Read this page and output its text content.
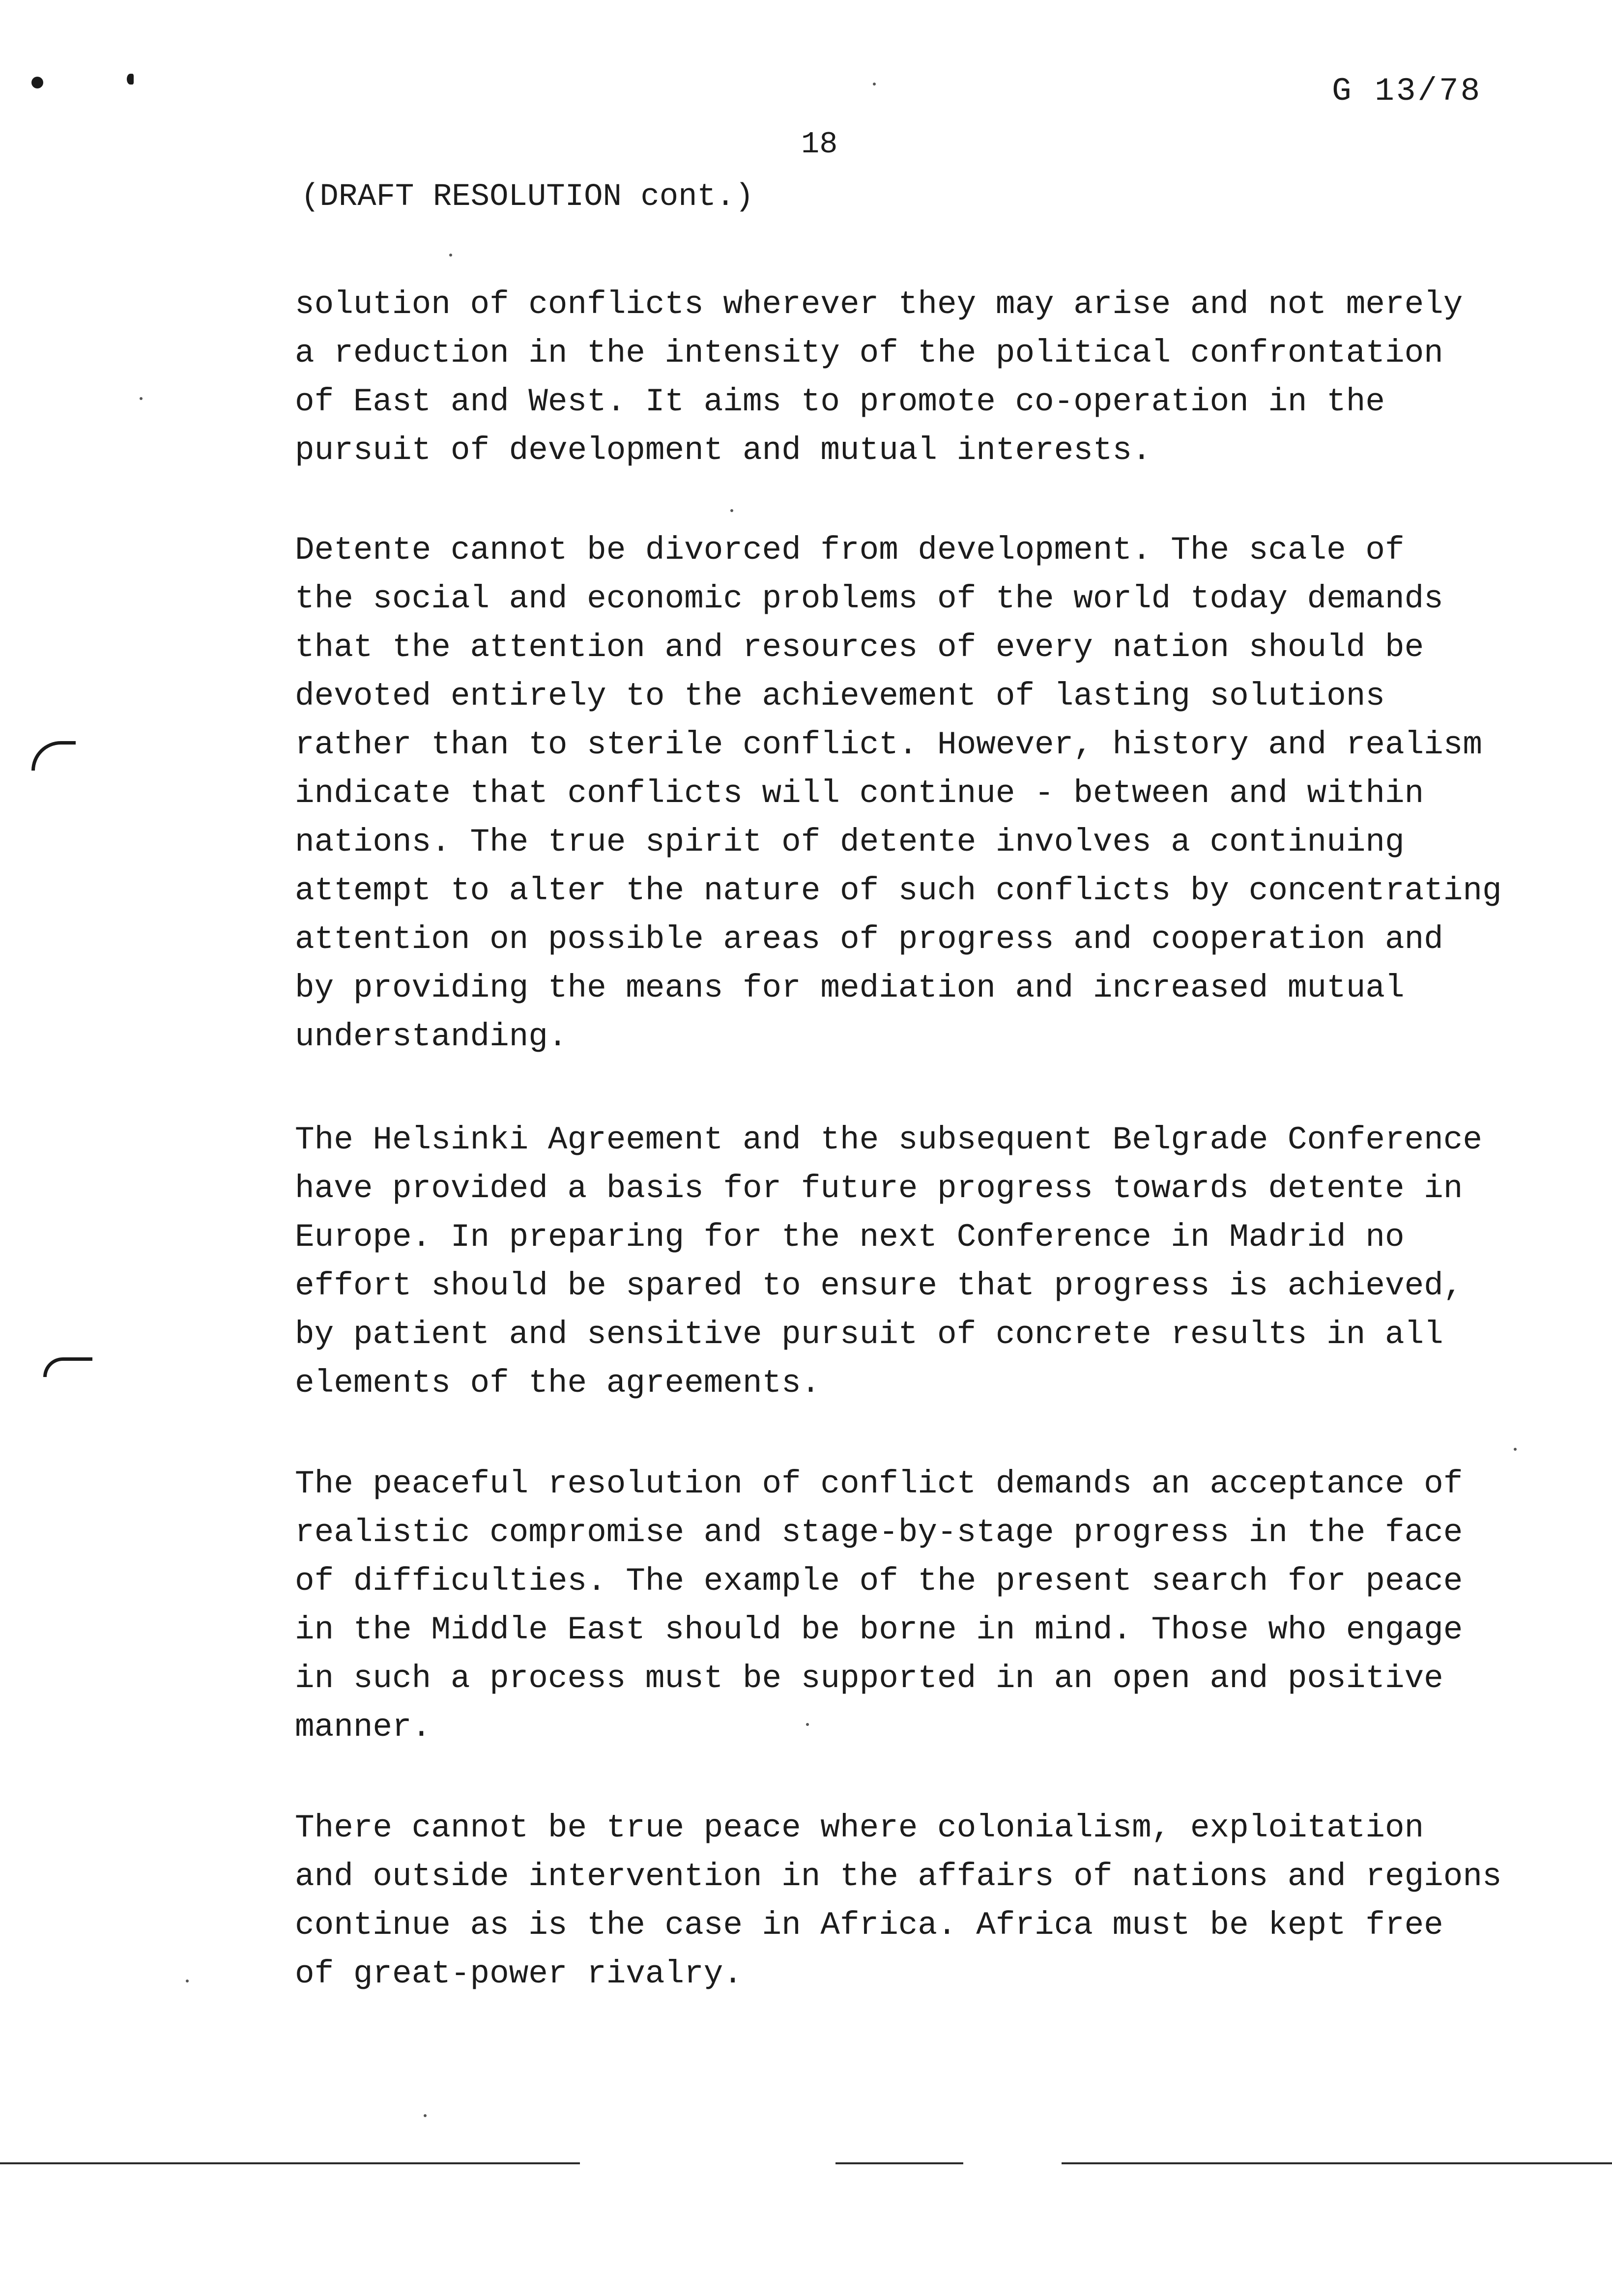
G 13/78
18
(DRAFT RESOLUTION cont.)
solution of conflicts wherever they may arise and not merely
a reduction in the intensity of the political confrontation
of East and West. It aims to promote co-operation in the
pursuit of development and mutual interests.
Detente cannot be divorced from development. The scale of
the social and economic problems of the world today demands
that the attention and resources of every nation should be
devoted entirely to the achievement of lasting solutions
rather than to sterile conflict. However, history and realism
indicate that conflicts will continue - between and within
nations. The true spirit of detente involves a continuing
attempt to alter the nature of such conflicts by concentrating
attention on possible areas of progress and cooperation and
by providing the means for mediation and increased mutual
understanding.
The Helsinki Agreement and the subsequent Belgrade Conference
have provided a basis for future progress towards detente in
Europe. In preparing for the next Conference in Madrid no
effort should be spared to ensure that progress is achieved,
by patient and sensitive pursuit of concrete results in all
elements of the agreements.
The peaceful resolution of conflict demands an acceptance of
realistic compromise and stage-by-stage progress in the face
of difficulties. The example of the present search for peace
in the Middle East should be borne in mind. Those who engage
in such a process must be supported in an open and positive
manner.
There cannot be true peace where colonialism, exploitation
and outside intervention in the affairs of nations and regions
continue as is the case in Africa. Africa must be kept free
of great-power rivalry.
